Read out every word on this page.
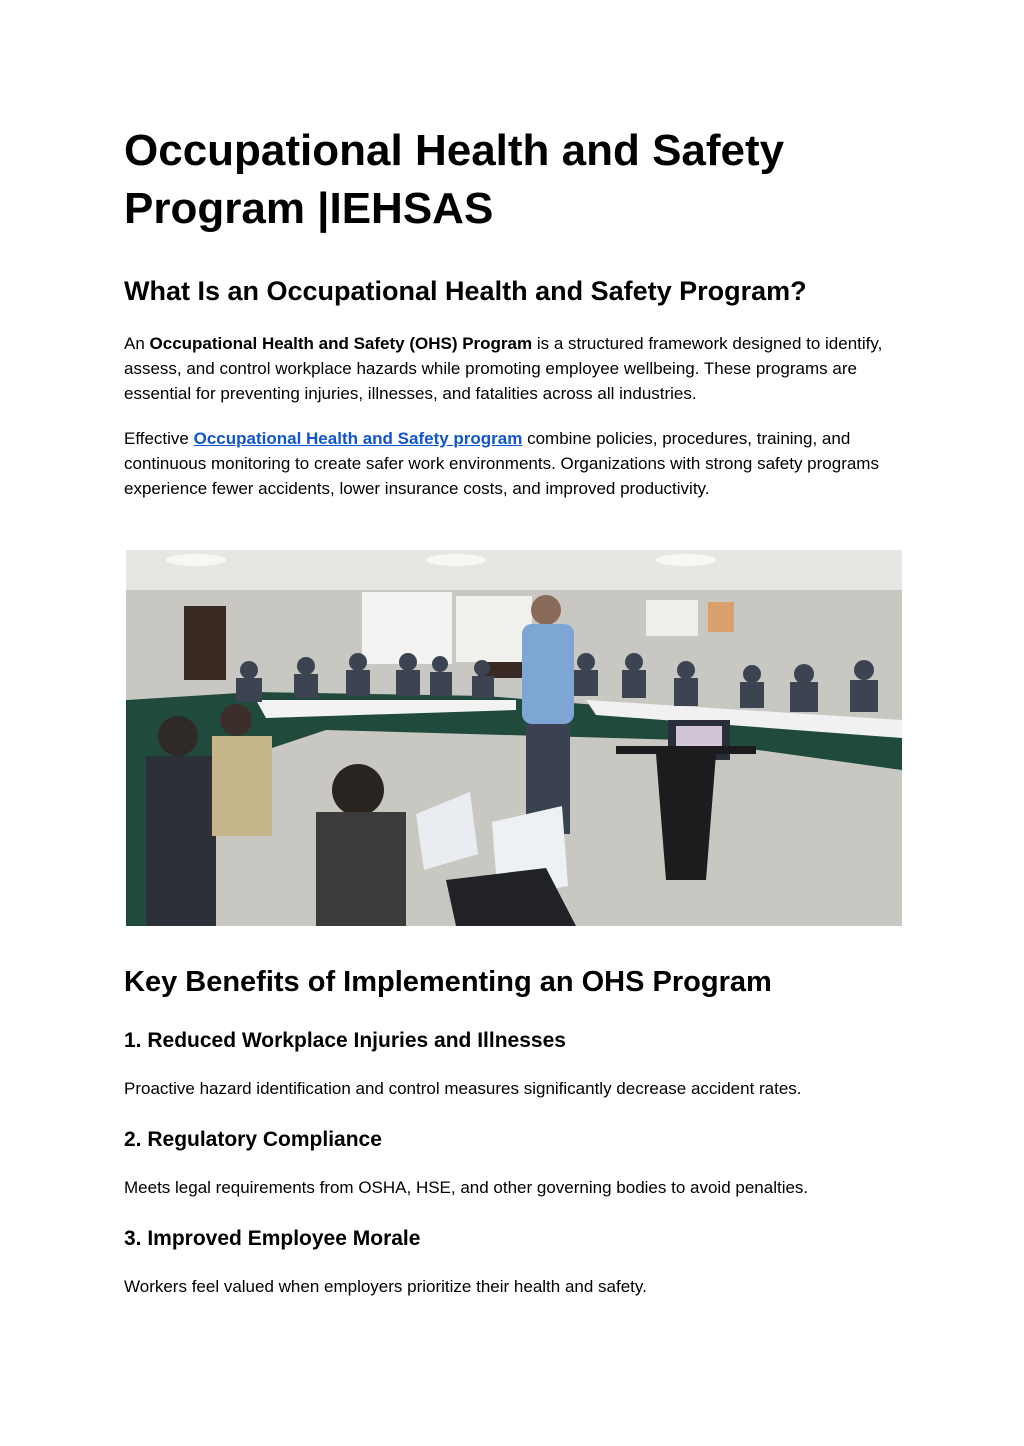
Occupational Health and Safety Program |IEHSAS
What Is an Occupational Health and Safety Program?

An Occupational Health and Safety (OHS) Program is a structured framework designed to identify, assess, and control workplace hazards while promoting employee wellbeing. These programs are essential for preventing injuries, illnesses, and fatalities across all industries.

Effective Occupational Health and Safety program combine policies, procedures, training, and continuous monitoring to create safer work environments. Organizations with strong safety programs experience fewer accidents, lower insurance costs, and improved productivity.

Key Benefits of Implementing an OHS Program
1. Reduced Workplace Injuries and Illnesses

Proactive hazard identification and control measures significantly decrease accident rates.

2. Regulatory Compliance

Meets legal requirements from OSHA, HSE, and other governing bodies to avoid penalties.

3. Improved Employee Morale

Workers feel valued when employers prioritize their health and safety.
